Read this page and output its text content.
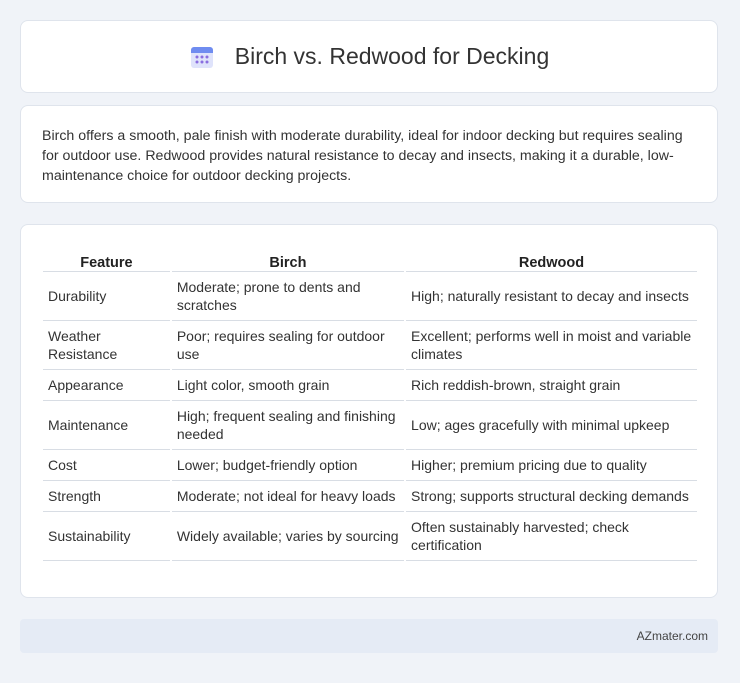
Birch vs. Redwood for Decking

Birch offers a smooth, pale finish with moderate durability, ideal for indoor decking but requires sealing for outdoor use. Redwood provides natural resistance to decay and insects, making it a durable, low-maintenance choice for outdoor decking projects.

Feature	Birch	Redwood
Durability	Moderate; prone to dents and scratches	High; naturally resistant to decay and insects
Weather Resistance	Poor; requires sealing for outdoor use	Excellent; performs well in moist and variable climates
Appearance	Light color, smooth grain	Rich reddish-brown, straight grain
Maintenance	High; frequent sealing and finishing needed	Low; ages gracefully with minimal upkeep
Cost	Lower; budget-friendly option	Higher; premium pricing due to quality
Strength	Moderate; not ideal for heavy loads	Strong; supports structural decking demands
Sustainability	Widely available; varies by sourcing	Often sustainably harvested; check certification
AZmater.com
